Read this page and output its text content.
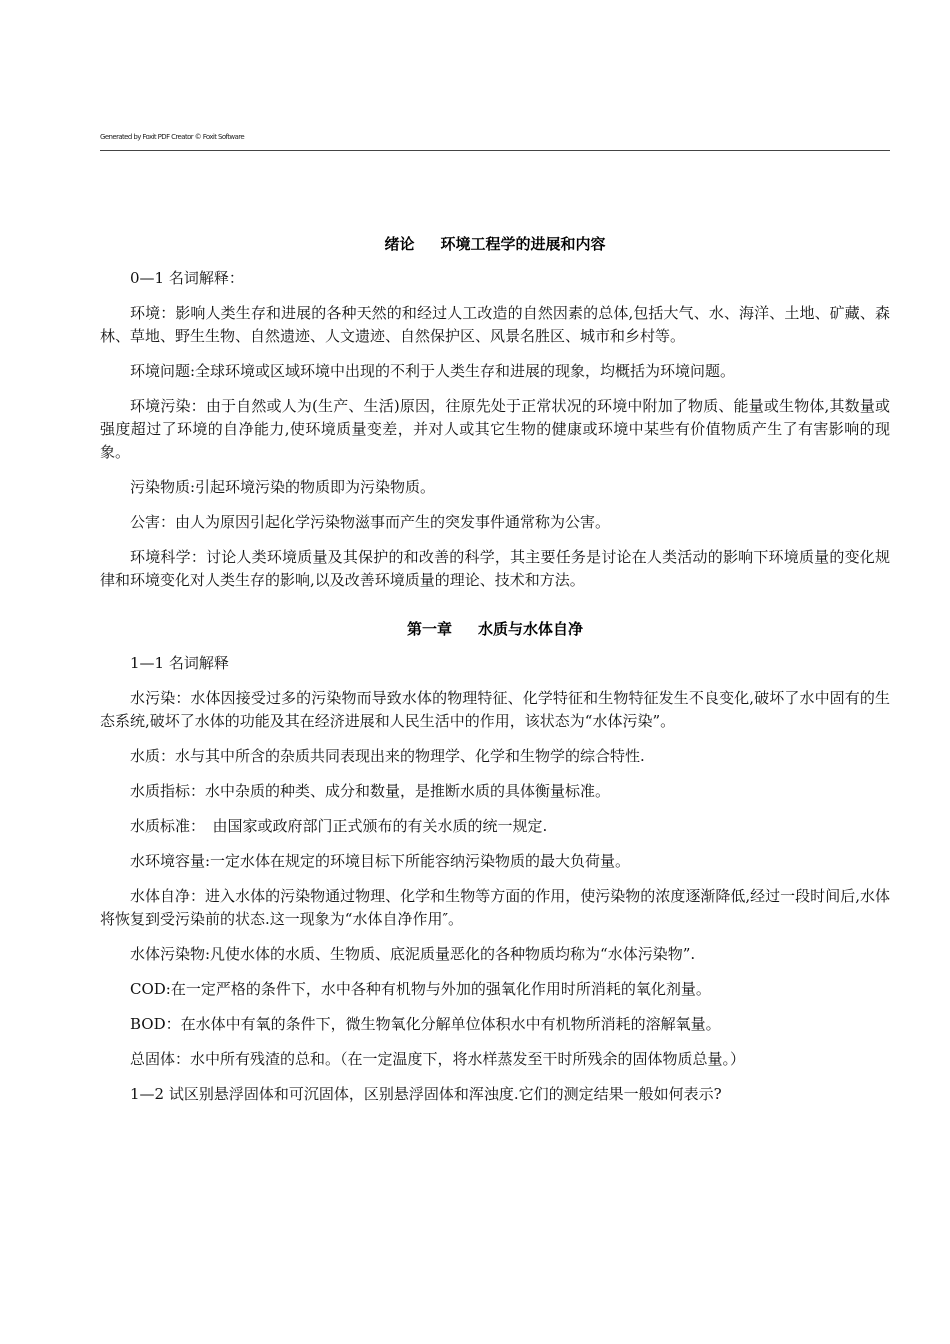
Generated by Foxit PDF Creator © Foxit Software
绪论 环境工程学的进展和内容

0—1 名词解释：

环境：影响人类生存和进展的各种天然的和经过人工改造的自然因素的总体,包括大气、水、海洋、土地、矿藏、森林、草地、野生生物、自然遗迹、人文遗迹、自然保护区、风景名胜区、城市和乡村等。

环境问题:全球环境或区域环境中出现的不利于人类生存和进展的现象，均概括为环境问题。

环境污染：由于自然或人为(生产、生活)原因，往原先处于正常状况的环境中附加了物质、能量或生物体,其数量或强度超过了环境的自净能力,使环境质量变差，并对人或其它生物的健康或环境中某些有价值物质产生了有害影响的现象。

污染物质:引起环境污染的物质即为污染物质。

公害：由人为原因引起化学污染物滋事而产生的突发事件通常称为公害。

环境科学：讨论人类环境质量及其保护的和改善的科学，其主要任务是讨论在人类活动的影响下环境质量的变化规律和环境变化对人类生存的影响,以及改善环境质量的理论、技术和方法。

第一章 水质与水体自净

1—1 名词解释

水污染：水体因接受过多的污染物而导致水体的物理特征、化学特征和生物特征发生不良变化,破坏了水中固有的生态系统,破坏了水体的功能及其在经济进展和人民生活中的作用，该状态为“水体污染”。

水质：水与其中所含的杂质共同表现出来的物理学、化学和生物学的综合特性.

水质指标：水中杂质的种类、成分和数量，是推断水质的具体衡量标准。

水质标准：　由国家或政府部门正式颁布的有关水质的统一规定.

水环境容量:一定水体在规定的环境目标下所能容纳污染物质的最大负荷量。

水体自净：进入水体的污染物通过物理、化学和生物等方面的作用，使污染物的浓度逐渐降低,经过一段时间后,水体将恢复到受污染前的状态.这一现象为“水体自净作用″。

水体污染物:凡使水体的水质、生物质、底泥质量恶化的各种物质均称为“水体污染物”.

COD:在一定严格的条件下，水中各种有机物与外加的强氧化作用时所消耗的氧化剂量。

BOD：在水体中有氧的条件下，微生物氧化分解单位体积水中有机物所消耗的溶解氧量。

总固体：水中所有残渣的总和。（在一定温度下，将水样蒸发至干时所残余的固体物质总量。）

1—2 试区别悬浮固体和可沉固体，区别悬浮固体和浑浊度.它们的测定结果一般如何表示?
